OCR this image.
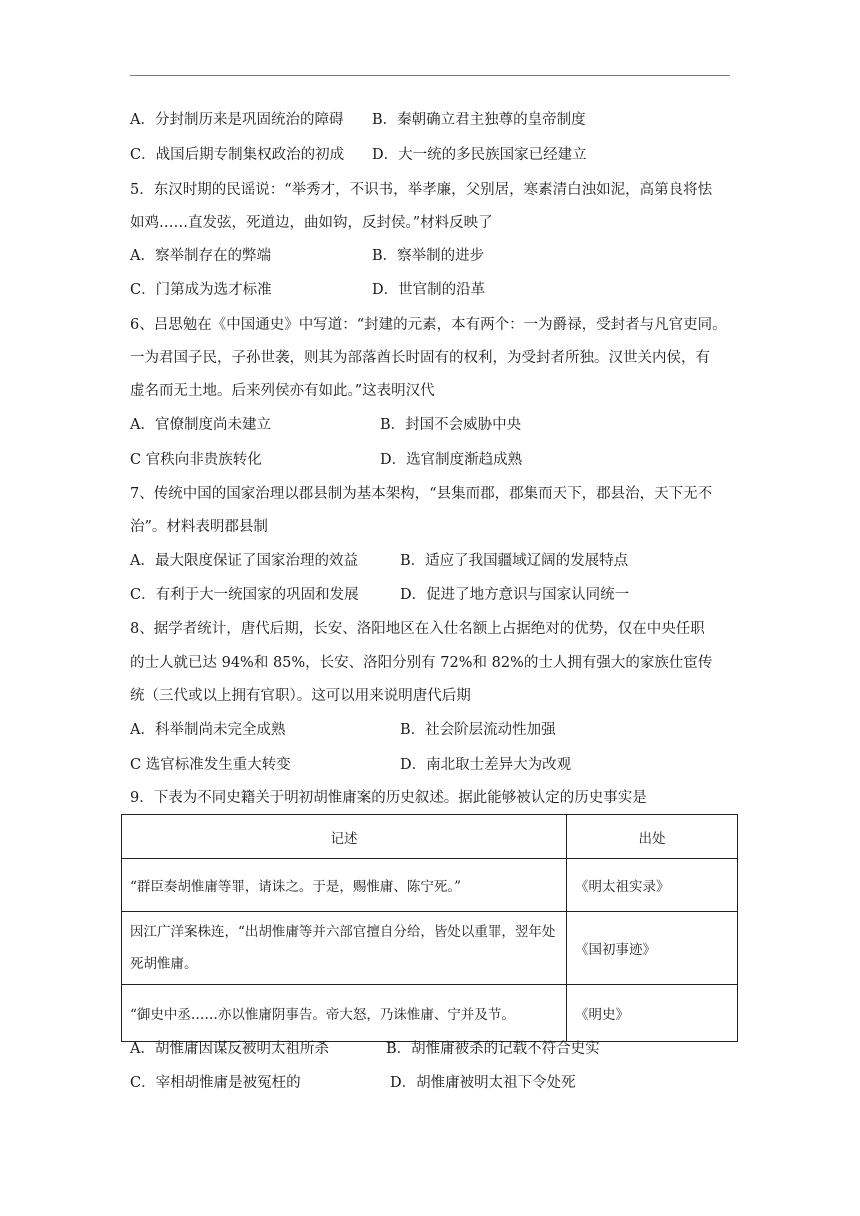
A．分封制历来是巩固统治的障碍 B．秦朝确立君主独尊的皇帝制度
C．战国后期专制集权政治的初成 D．大一统的多民族国家已经建立
5．东汉时期的民谣说：“举秀才，不识书，举孝廉，父别居，寒素清白浊如泥，高第良将怯
如鸡……直发弦，死道边，曲如钩，反封侯。”材料反映了
A．察举制存在的弊端	B．察举制的进步
C．门第成为选才标准	D．世官制的沿革
6、吕思勉在《中国通史》中写道：“封建的元素，本有两个：一为爵禄，受封者与凡官吏同。
一为君国子民，子孙世袭，则其为部落酋长时固有的权利，为受封者所独。汉世关内侯，有
虚名而无土地。后来列侯亦有如此。”这表明汉代
A．官僚制度尚未建立	B．封国不会威胁中央
C 官秩向非贵族转化	D．选官制度渐趋成熟
7、传统中国的国家治理以郡县制为基本架构，“县集而郡，郡集而天下，郡县治，天下无不
治”。材料表明郡县制
A．最大限度保证了国家治理的效益	B．适应了我国疆域辽阔的发展特点
C．有利于大一统国家的巩固和发展	D．促进了地方意识与国家认同统一
8、据学者统计，唐代后期，长安、洛阳地区在入仕名额上占据绝对的优势，仅在中央任职
的士人就已达 94%和 85%，长安、洛阳分别有 72%和 82%的士人拥有强大的家族仕宦传
统（三代或以上拥有官职）。这可以用来说明唐代后期
A．科举制尚未完全成熟	B．社会阶层流动性加强
C 选官标准发生重大转变	D．南北取士差异大为改观
9．下表为不同史籍关于明初胡惟庸案的历史叙述。据此能够被认定的历史事实是
记述	出处
“群臣奏胡惟庸等罪，请诛之。于是，赐惟庸、陈宁死。”	《明太祖实录》
因江广洋案株连，“出胡惟庸等并六部官擅自分给，皆处以重罪，翌年处死胡惟庸。	《国初事迹》
“御史中丞……亦以惟庸阴事告。帝大怒，乃诛惟庸、宁并及节。	《明史》
A．胡惟庸因谋反被明太祖所杀	B．胡惟庸被杀的记载不符合史实
C．宰相胡惟庸是被冤枉的	D．胡惟庸被明太祖下令处死
